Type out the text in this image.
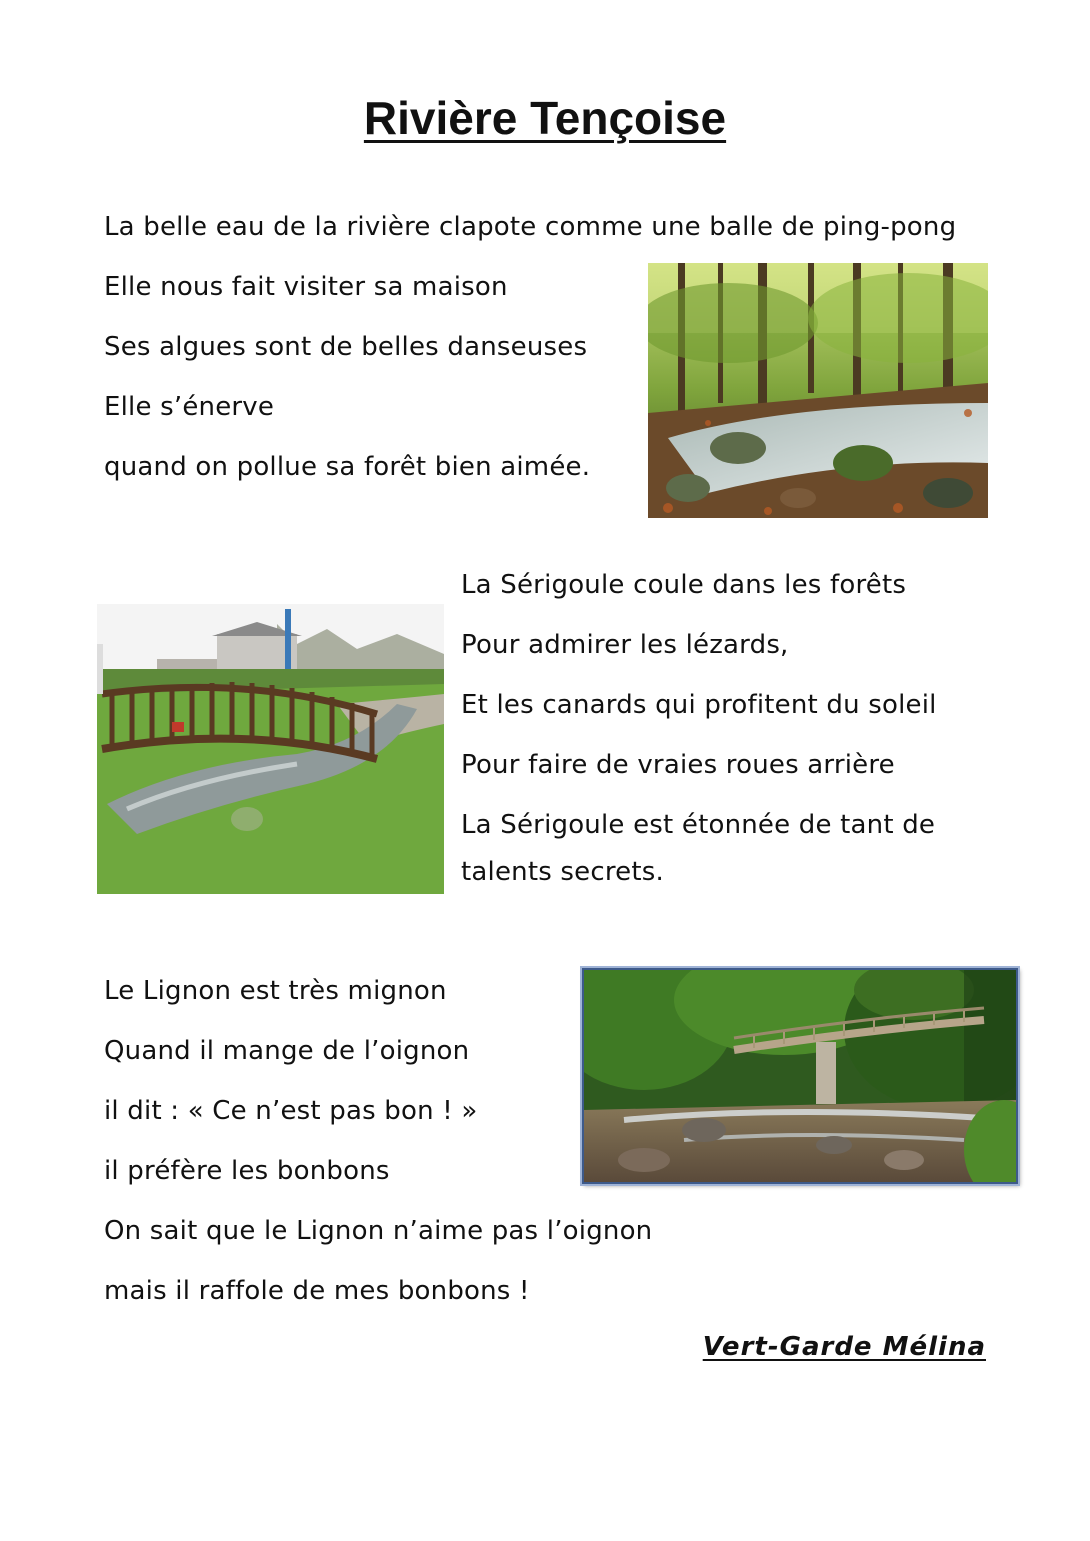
Rivière Tençoise
La belle eau de la rivière clapote comme une balle de ping-pong
Elle nous fait visiter sa maison
Ses algues sont de belles danseuses
Elle s’énerve
quand on pollue sa forêt bien aimée.
La Sérigoule coule dans les forêts
Pour admirer les lézards,
Et les canards qui profitent du soleil
Pour faire de vraies roues arrière
La Sérigoule est étonnée de tant de
talents secrets.
Le Lignon est très mignon
Quand il mange de l’oignon
il dit : « Ce n’est pas bon ! »
il préfère les bonbons
On sait que le Lignon n’aime pas l’oignon
mais il raffole de mes bonbons !
Vert-Garde Mélina
